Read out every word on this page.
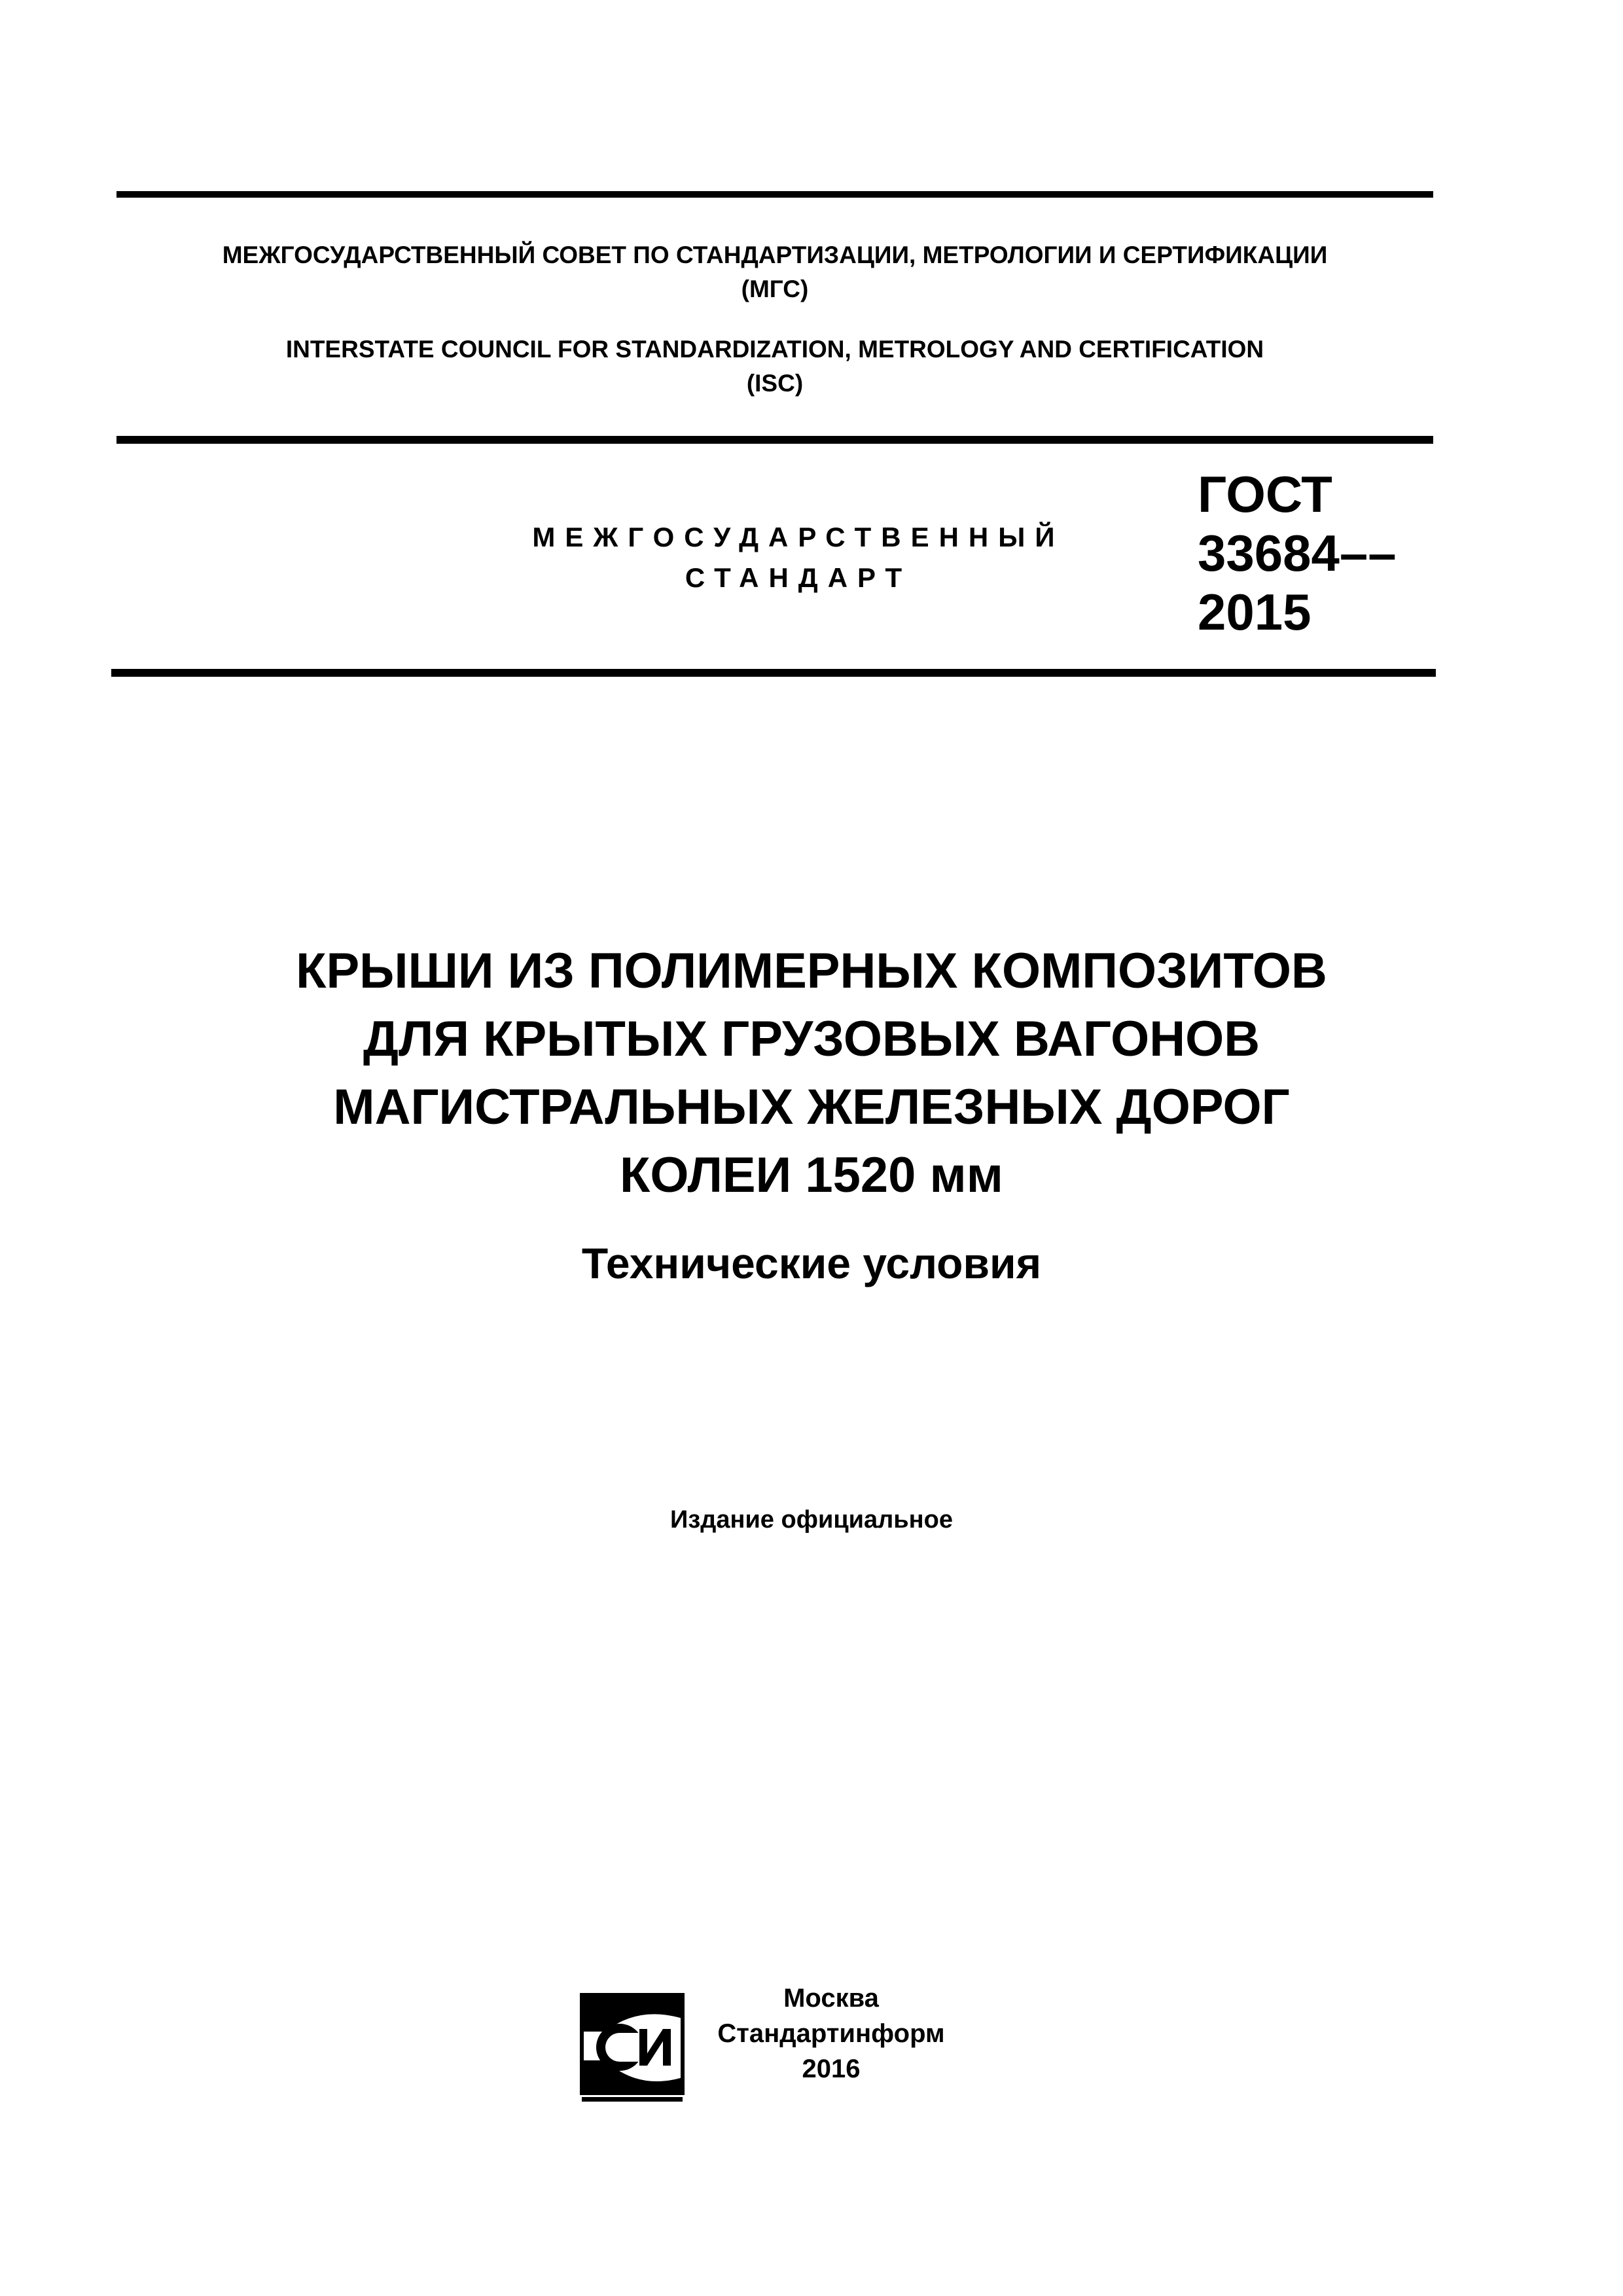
МЕЖГОСУДАРСТВЕННЫЙ СОВЕТ ПО СТАНДАРТИЗАЦИИ, МЕТРОЛОГИИ И СЕРТИФИКАЦИИ
(МГС)
INTERSTATE COUNCIL FOR STANDARDIZATION, METROLOGY AND CERTIFICATION
(ISC)
МЕЖГОСУДАРСТВЕННЫЙ
СТАНДАРТ
ГОСТ
33684––
2015
КРЫШИ ИЗ ПОЛИМЕРНЫХ КОМПОЗИТОВ
ДЛЯ КРЫТЫХ ГРУЗОВЫХ ВАГОНОВ
МАГИСТРАЛЬНЫХ ЖЕЛЕЗНЫХ ДОРОГ
КОЛЕИ 1520 мм
Технические условия
Издание официальное
Москва
Стандартинформ
2016
